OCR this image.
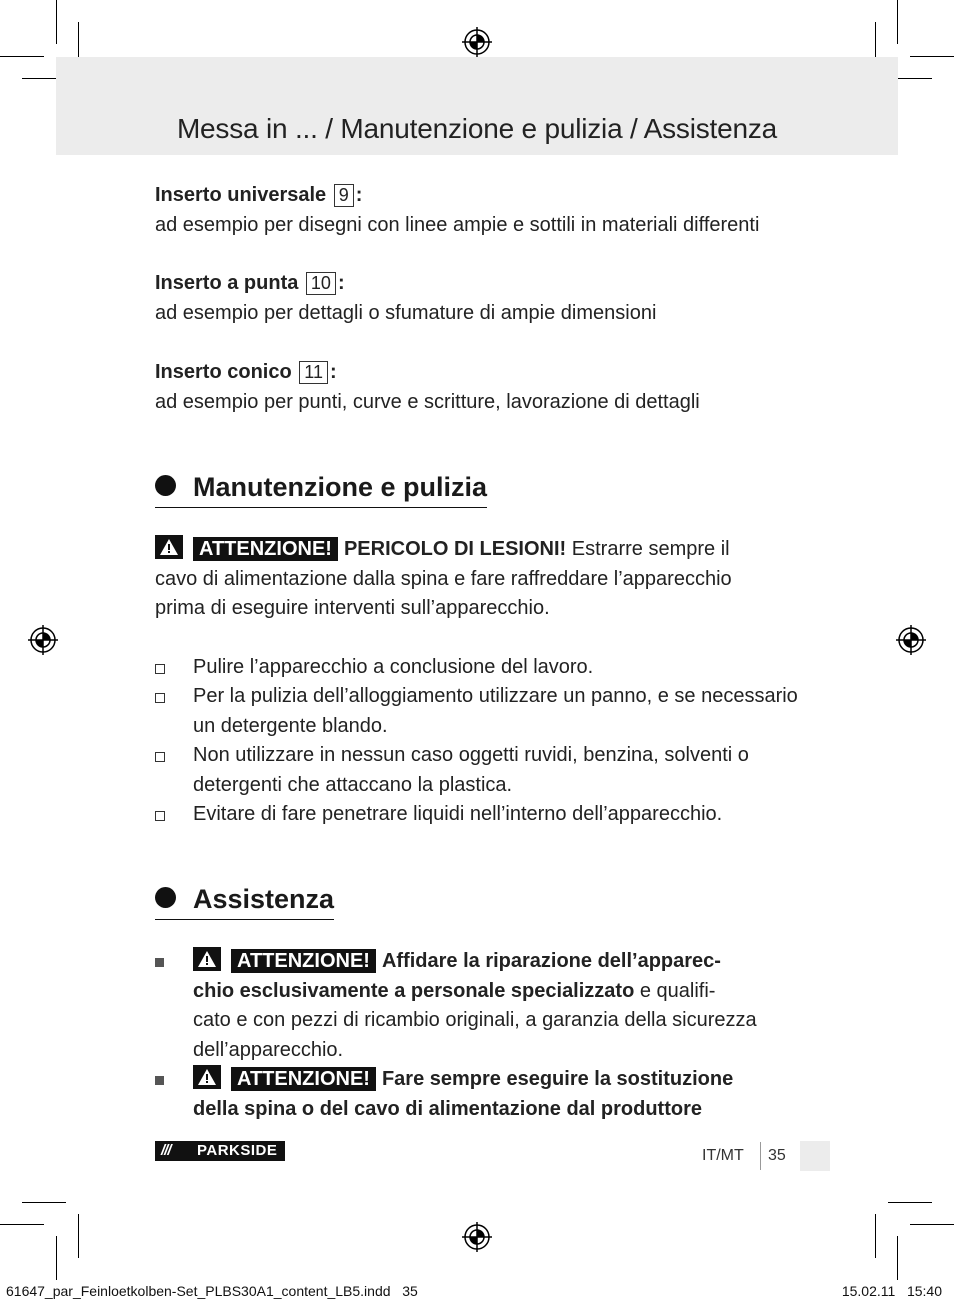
Messa in ... / Manutenzione e pulizia / Assistenza
Inserto universale 9 :
ad esempio per disegni con linee ampie e sottili in materiali differenti
Inserto a punta 10 :
ad esempio per dettagli o sfumature di ampie dimensioni
Inserto conico 11 :
ad esempio per punti, curve e scritture, lavorazione di dettagli
Manutenzione e pulizia
ATTENZIONE! PERICOLO DI LESIONI! Estrarre sempre il
cavo di alimentazione dalla spina e fare raffreddare l’apparecchio
prima di eseguire interventi sull’apparecchio.
Pulire l’apparecchio a conclusione del lavoro.
Per la pulizia dell’alloggiamento utilizzare un panno, e se necessario
un detergente blando.
Non utilizzare in nessun caso oggetti ruvidi, benzina, solventi o
detergenti che attaccano la plastica.
Evitare di fare penetrare liquidi nell’interno dell’apparecchio.
Assistenza
ATTENZIONE! Affidare la riparazione dell’apparec-
chio esclusivamente a personale specializzato e qualifi-
cato e con pezzi di ricambio originali, a garanzia della sicurezza
dell’apparecchio.
ATTENZIONE! Fare sempre eseguire la sostituzione
della spina o del cavo di alimentazione dal produttore
/// PARKSIDE	IT/MT 35
61647_par_Feinloetkolben-Set_PLBS30A1_content_LB5.indd   35	15.02.11   15:40
